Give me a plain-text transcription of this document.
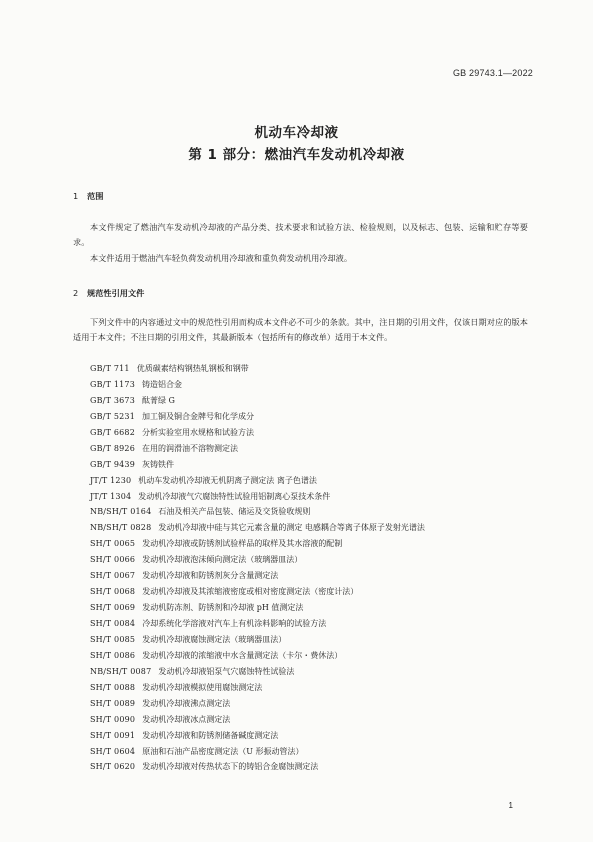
GB 29743.1—2022
机动车冷却液
第 1 部分：燃油汽车发动机冷却液
1 范围
本文件规定了燃油汽车发动机冷却液的产品分类、技术要求和试验方法、检验规则，以及标志、包装、运输和贮存等要求。
本文件适用于燃油汽车轻负荷发动机用冷却液和重负荷发动机用冷却液。
2 规范性引用文件
下列文件中的内容通过文中的规范性引用而构成本文件必不可少的条款。其中，注日期的引用文件，仅该日期对应的版本适用于本文件；不注日期的引用文件，其最新版本（包括所有的修改单）适用于本文件。
GB/T 711 优质碳素结构钢热轧钢板和钢带
GB/T 1173 铸造铝合金
GB/T 3673 酞菁绿 G
GB/T 5231 加工铜及铜合金牌号和化学成分
GB/T 6682 分析实验室用水规格和试验方法
GB/T 8926 在用的润滑油不溶物测定法
GB/T 9439 灰铸铁件
JT/T 1230 机动车发动机冷却液无机阴离子测定法 离子色谱法
JT/T 1304 发动机冷却液气穴腐蚀特性试验用铝制离心泵技术条件
NB/SH/T 0164 石油及相关产品包装、储运及交货验收规则
NB/SH/T 0828 发动机冷却液中硅与其它元素含量的测定 电感耦合等离子体原子发射光谱法
SH/T 0065 发动机冷却液或防锈剂试验样品的取样及其水溶液的配制
SH/T 0066 发动机冷却液泡沫倾向测定法（玻璃器皿法）
SH/T 0067 发动机冷却液和防锈剂灰分含量测定法
SH/T 0068 发动机冷却液及其浓缩液密度或相对密度测定法（密度计法）
SH/T 0069 发动机防冻剂、防锈剂和冷却液 pH 值测定法
SH/T 0084 冷却系统化学溶液对汽车上有机涂料影响的试验方法
SH/T 0085 发动机冷却液腐蚀测定法（玻璃器皿法）
SH/T 0086 发动机冷却液的浓缩液中水含量测定法（卡尔・费休法）
NB/SH/T 0087 发动机冷却液铝泵气穴腐蚀特性试验法
SH/T 0088 发动机冷却液模拟使用腐蚀测定法
SH/T 0089 发动机冷却液沸点测定法
SH/T 0090 发动机冷却液冰点测定法
SH/T 0091 发动机冷却液和防锈剂储备碱度测定法
SH/T 0604 原油和石油产品密度测定法（U 形振动管法）
SH/T 0620 发动机冷却液对传热状态下的铸铝合金腐蚀测定法
1
